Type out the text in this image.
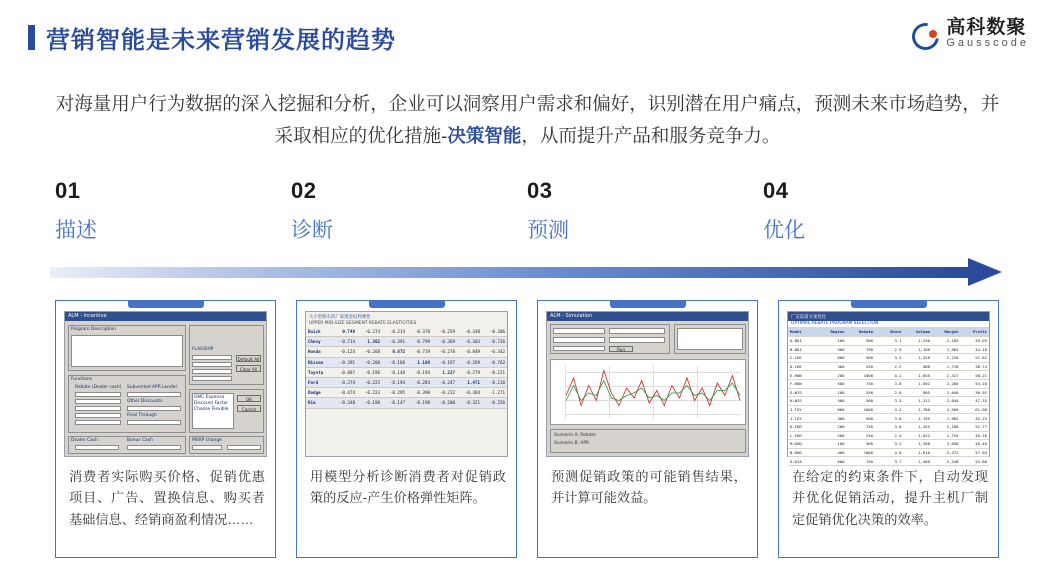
营销智能是未来营销发展的趋势	高科数聚
Gausscode
对海量用户行为数据的深入挖掘和分析，企业可以洞察用户需求和偏好，识别潜在用户痛点，预测未来市场趋势，并采取相应的优化措施-决策智能，从而提升产品和服务竞争力。
01
描述
02
诊断
03
预测
04
优化
ALM - Incentive
Program Description
FLAGSHIP
Default All
Clear All
Functions
Rebate (Dealer cash) Subvented APR Lender
Other Discounts
Final Through
GMC Expense
Discount Factor
Choose Flexible
OK
Cancel
Dealer Cash	Bonus Cash	MSRP change
消费者实际购买价格、促销优惠项目、广告、置换信息、购买者基础信息、经销商盈利情况……
大小型轿车的广家现金返利弹性
UPPER MID-SIZE SEGMENT REBATE ELASTICITIES
Buick	0.748	-0.274	-0.214	-0.370	-0.259	-0.340	-0.306
Chevy	-0.714	1.302	-0.391	-0.799	-0.369	-0.303	-0.736
Honda	-0.124	-0.268	0.872	-0.719	-0.278	-0.849	-0.342
Nissan	-0.391	-0.208	-0.166	1.188	-0.197	-0.269	-0.762
Toyota	-0.087	-0.196	-0.148	-0.194	1.227	-0.279	-0.221
Ford	-0.374	-0.223	-0.194	-0.284	-0.247	1.471	-0.216
Dodge	-0.474	-0.223	-0.295	-0.390	-0.232	-0.384	-1.271
Kia	-0.348	-0.198	-0.147	-0.198	-0.200	-0.321	-0.256
用模型分析诊断消费者对促销政策的反应-产生价格弹性矩阵。
ALM - Simulation
Run
Scenario A: Rebate
Scenario B: APR
预测促销政策的可能销售结果，并计算可能效益。
广宣渠道方案优化
OPTIMAL REBATE PROGRAM SELECTION
Model	Region	Rebate	Share	Volume	Margin	Profit
A-BUI	100	500	3.1	1,240	2,105	49.05
B-BUI	400	750	2.9	1,108	1,964	44.18
C-CHE	600	500	3.5	1,428	2,220	51.62
D-CHE	300	250	2.2	986	1,718	38.74
E-HON	200	1000	4.1	1,655	2,417	58.21
F-HON	500	750	3.8	1,502	2,280	54.10
G-NIS	100	250	2.0	905	1,640	36.92
H-NIS	400	500	3.3	1,311	2,044	47.35
I-TOY	600	1000	4.4	1,780	2,509	61.08
J-TOY	300	500	3.0	1,195	1,902	45.23
K-FOR	200	750	3.6	1,455	2,186	52.77
L-FOR	500	250	2.4	1,022	1,755	40.16
M-DOD	100	500	3.2	1,268	2,058	48.40
N-DOD	400	1000	4.0	1,610	2,372	57.04
O-KIA	600	750	3.7	1,489	2,240	53.66
在给定的约束条件下，自动发现并优化促销活动，提升主机厂制定促销优化决策的效率。
